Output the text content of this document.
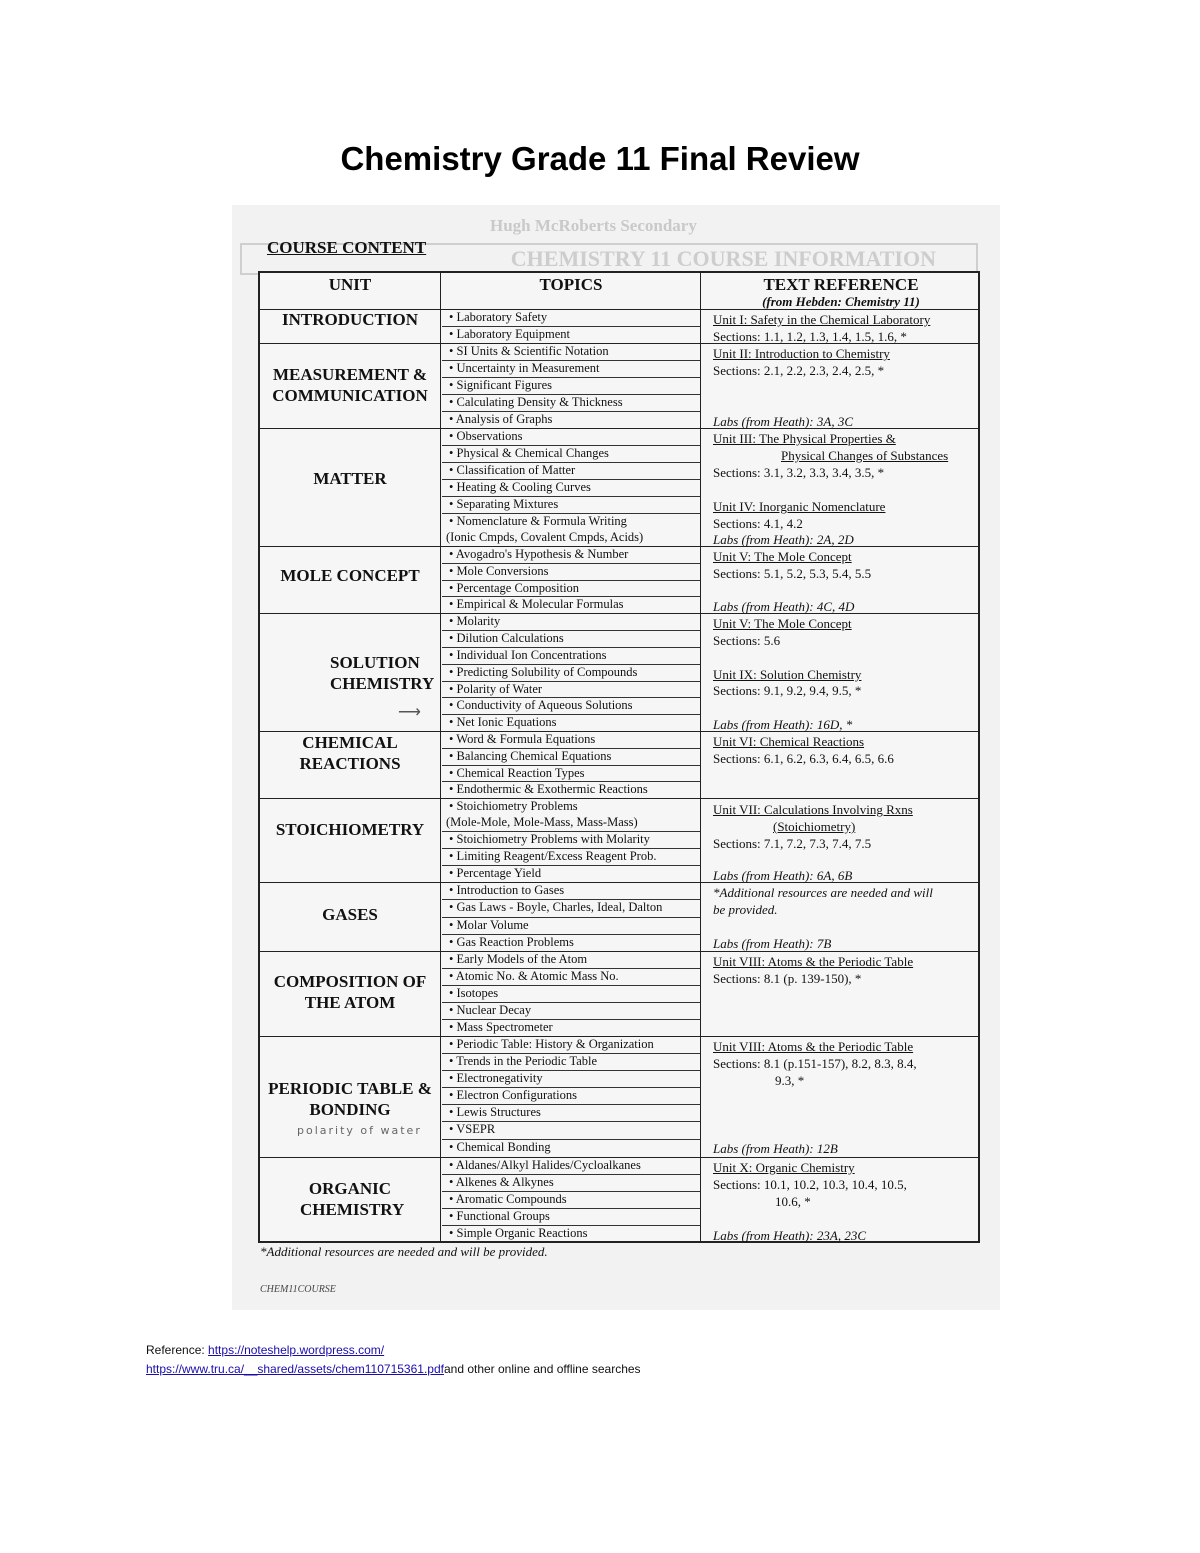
Chemistry Grade 11 Final Review
Hugh McRoberts Secondary
CHEMISTRY 11 COURSE INFORMATION
COURSE CONTENT
UNIT	TOPICS	TEXT REFERENCE
(from Hebden: Chemistry 11)
INTRODUCTION
MEASUREMENT & COMMUNICATION
MATTER
MOLE CONCEPT
SOLUTION CHEMISTRY
CHEMICAL REACTIONS
STOICHIOMETRY
GASES
COMPOSITION OF THE ATOM
PERIODIC TABLE & BONDING
ORGANIC CHEMISTRY
• Laboratory Safety
• Laboratory Equipment
• SI Units & Scientific Notation
• Uncertainty in Measurement
• Significant Figures
• Calculating Density & Thickness
• Analysis of Graphs
• Observations
• Physical & Chemical Changes
• Classification of Matter
• Heating & Cooling Curves
• Separating Mixtures
• Nomenclature & Formula Writing
(Ionic Cmpds, Covalent Cmpds, Acids)
• Avogadro's Hypothesis & Number
• Mole Conversions
• Percentage Composition
• Empirical & Molecular Formulas
• Molarity
• Dilution Calculations
• Individual Ion Concentrations
• Predicting Solubility of Compounds
• Polarity of Water
• Conductivity of Aqueous Solutions
• Net Ionic Equations
• Word & Formula Equations
• Balancing Chemical Equations
• Chemical Reaction Types
• Endothermic & Exothermic Reactions
• Stoichiometry Problems
(Mole-Mole, Mole-Mass, Mass-Mass)
• Stoichiometry Problems with Molarity
• Limiting Reagent/Excess Reagent Prob.
• Percentage Yield
• Introduction to Gases
• Gas Laws - Boyle, Charles, Ideal, Dalton
• Molar Volume
• Gas Reaction Problems
• Early Models of the Atom
• Atomic No. & Atomic Mass No.
• Isotopes
• Nuclear Decay
• Mass Spectrometer
• Periodic Table: History & Organization
• Trends in the Periodic Table
• Electronegativity
• Electron Configurations
• Lewis Structures
• VSEPR
• Chemical Bonding
• Aldanes/Alkyl Halides/Cycloalkanes
• Alkenes & Alkynes
• Aromatic Compounds
• Functional Groups
• Simple Organic Reactions
Unit I: Safety in the Chemical Laboratory
Sections: 1.1, 1.2, 1.3, 1.4, 1.5, 1.6, *
Unit II: Introduction to Chemistry
Sections: 2.1, 2.2, 2.3, 2.4, 2.5, *
Labs (from Heath): 3A, 3C
Unit III: The Physical Properties &
Physical Changes of Substances
Sections: 3.1, 3.2, 3.3, 3.4, 3.5, *
Unit IV: Inorganic Nomenclature
Sections: 4.1, 4.2
Labs (from Heath): 2A, 2D
Unit V: The Mole Concept
Sections: 5.1, 5.2, 5.3, 5.4, 5.5
Labs (from Heath): 4C, 4D
Unit V: The Mole Concept
Sections: 5.6
Unit IX: Solution Chemistry
Sections: 9.1, 9.2, 9.4, 9.5, *
Labs (from Heath): 16D, *
Unit VI: Chemical Reactions
Sections: 6.1, 6.2, 6.3, 6.4, 6.5, 6.6
Unit VII: Calculations Involving Rxns
(Stoichiometry)
Sections: 7.1, 7.2, 7.3, 7.4, 7.5
Labs (from Heath): 6A, 6B
*Additional resources are needed and will
be provided.
Labs (from Heath): 7B
Unit VIII: Atoms & the Periodic Table
Sections: 8.1 (p. 139-150), *
Unit VIII: Atoms & the Periodic Table
Sections: 8.1 (p.151-157), 8.2, 8.3, 8.4,
9.3, *
Labs (from Heath): 12B
Unit X: Organic Chemistry
Sections: 10.1, 10.2, 10.3, 10.4, 10.5,
10.6, *
Labs (from Heath): 23A, 23C
⟶
polarity of water
*Additional resources are needed and will be provided.
CHEM11COURSE
Reference: https://noteshelp.wordpress.com/
https://www.tru.ca/__shared/assets/chem110715361.pdfand other online and offline searches
